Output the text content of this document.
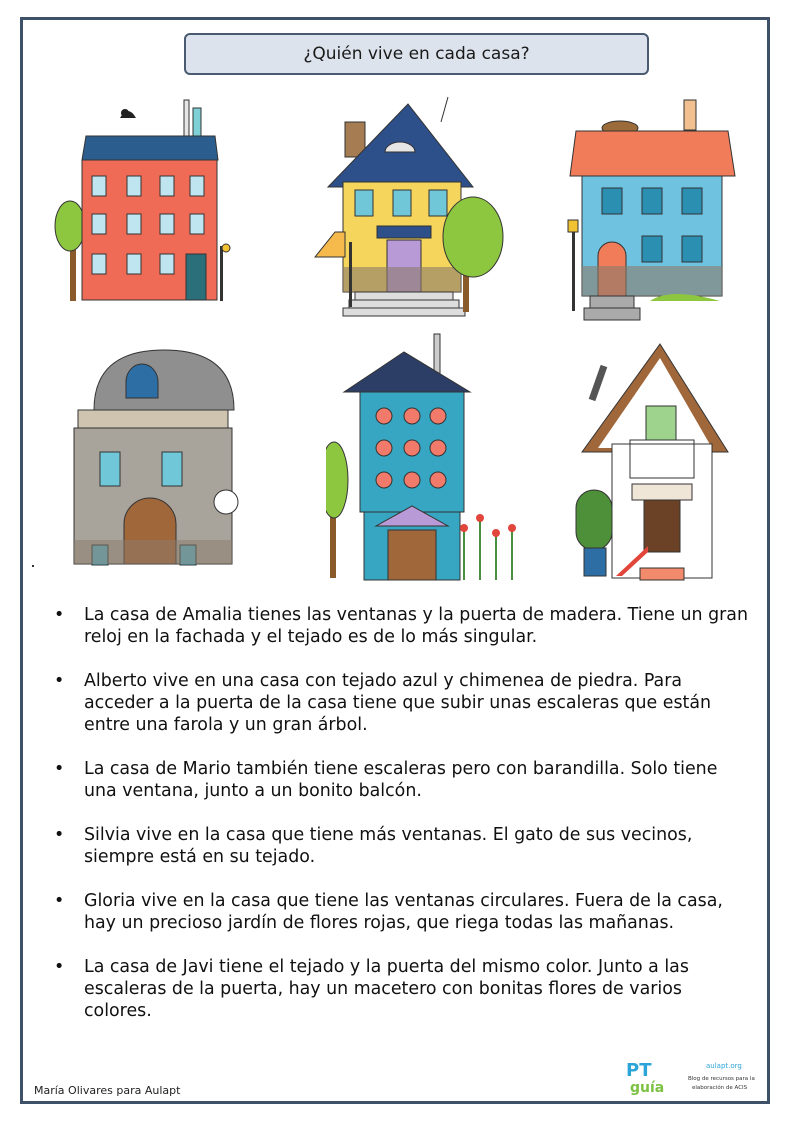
¿Quién vive en cada casa?
• La casa de Amalia tienes las ventanas y la puerta de madera. Tiene un gran reloj en la fachada y el tejado es de lo más singular.
• Alberto vive en una casa con tejado azul y chimenea de piedra. Para acceder a la puerta de la casa tiene que subir unas escaleras que están entre una farola y un gran árbol.
• La casa de Mario también tiene escaleras pero con barandilla. Solo tiene una ventana, junto a un bonito balcón.
• Silvia vive en la casa que tiene más ventanas. El gato de sus vecinos, siempre está en su tejado.
• Gloria vive en la casa que tiene las ventanas circulares. Fuera de la casa, hay un precioso jardín de flores rojas, que riega todas las mañanas.
• La casa de Javi tiene el tejado y la puerta del mismo color. Junto a las escaleras de la puerta, hay un macetero con bonitas flores de varios colores.
María Olivares para Aulapt
PT
guía
aulapt.org
Blog de recursos para la
elaboración de ACIS
